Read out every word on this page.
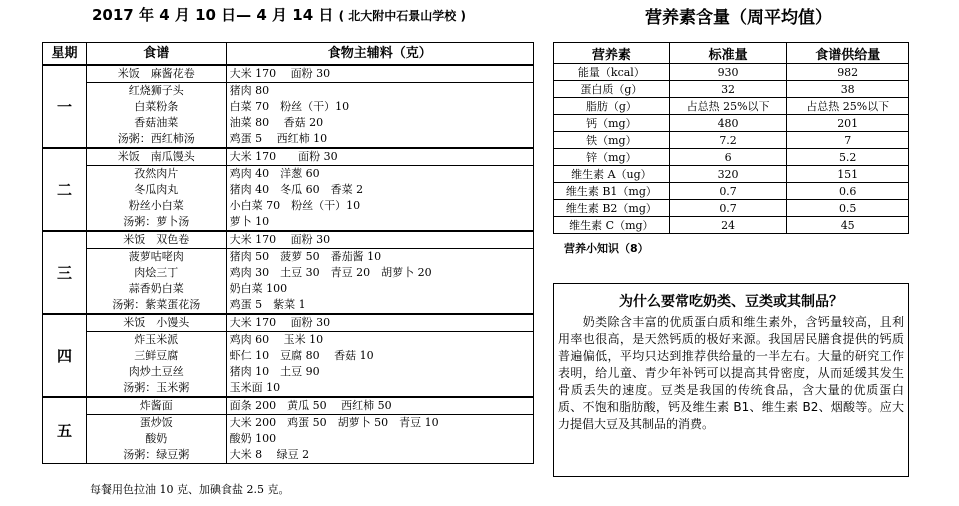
2017 年 4 月 10 日— 4 月 14 日 ( 北大附中石景山学校 )	营养素含量（周平均值）
星期	食谱	食物主辅料（克）
一	米饭　麻酱花卷	大米 170　 面粉 30
	红烧狮子头	猪肉 80
	白菜粉条	白菜 70　粉丝（干）10
	香菇油菜	油菜 80　 香菇 20
	汤粥：西红柿汤	鸡蛋 5　 西红柿 10
二	米饭　南瓜馒头	大米 170　　面粉 30
	孜然肉片	鸡肉 40　洋葱 60
	冬瓜肉丸	猪肉 40　冬瓜 60　香菜 2
	粉丝小白菜	小白菜 70　粉丝（干）10
	汤粥：萝卜汤	萝卜 10
三	米饭　双色卷	大米 170　 面粉 30
	菠萝咕咾肉	猪肉 50　菠萝 50　番茄酱 10
	肉烩三丁	鸡肉 30　土豆 30　青豆 20　胡萝卜 20
	蒜香奶白菜	奶白菜 100
	汤粥：紫菜蛋花汤	鸡蛋 5　紫菜 1
四	米饭　小馒头	大米 170　 面粉 30
	炸玉米派	鸡肉 60　 玉米 10
	三鲜豆腐	虾仁 10　豆腐 80　 香菇 10
	肉炒土豆丝	猪肉 10　土豆 90
	汤粥：玉米粥	玉米面 10
五	炸酱面	面条 200　黄瓜 50　 西红柿 50
	蛋炒饭	大米 200　鸡蛋 50　胡萝卜 50　青豆 10
	酸奶	酸奶 100
	汤粥：绿豆粥	大米 8　 绿豆 2
营养素	标准量	食谱供给量
能量（kcal）	930	982
蛋白质（g）	32	38
脂肪（g）	占总热 25%以下	占总热 25%以下
钙（mg）	480	201
铁（mg）	7.2	7
锌（mg）	6	5.2
维生素 A（ug）	320	151
维生素 B1（mg）	0.7	0.6
维生素 B2（mg）	0.7	0.5
维生素 C（mg）	24	45
营养小知识（8）
为什么要常吃奶类、豆类或其制品？
　　奶类除含丰富的优质蛋白质和维生素外，含钙量较高，且利用率也很高，是天然钙质的极好来源。我国居民膳食提供的钙质普遍偏低，平均只达到推荐供给量的一半左右。大量的研究工作表明，给儿童、青少年补钙可以提高其骨密度，从而延缓其发生骨质丢失的速度。豆类是我国的传统食品，含大量的优质蛋白质、不饱和脂肪酸，钙及维生素 B1、维生素 B2、烟酸等。应大力提倡大豆及其制品的消费。
每餐用色拉油 10 克、加碘食盐 2.5 克。
